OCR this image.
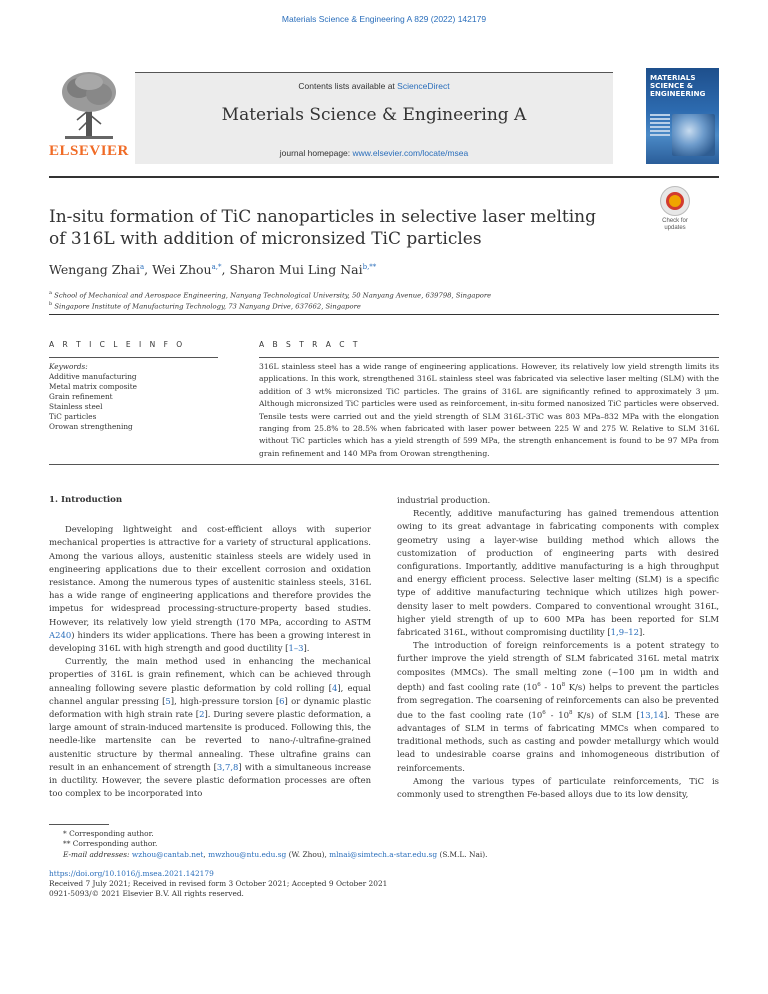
Materials Science & Engineering A 829 (2022) 142179
ELSEVIER
Contents lists available at ScienceDirect
Materials Science & Engineering A
journal homepage: www.elsevier.com/locate/msea
MATERIALS SCIENCE & ENGINEERING
In-situ formation of TiC nanoparticles in selective laser melting of 316L with addition of micronsized TiC particles
Check for
updates
Wengang Zhai$^a$, Wei Zhou$^{a,*}$, Sharon Mui Ling Nai$^{b,**}$
$^a$ School of Mechanical and Aerospace Engineering, Nanyang Technological University, 50 Nanyang Avenue, 639798, Singapore
$^b$ Singapore Institute of Manufacturing Technology, 73 Nanyang Drive, 637662, Singapore
A R T I C L E I N F O	A B S T R A C T
Keywords:
Additive manufacturing
Metal matrix composite
Grain refinement
Stainless steel
TiC particles
Orowan strengthening
316L stainless steel has a wide range of engineering applications. However, its relatively low yield strength limits its applications. In this work, strengthened 316L stainless steel was fabricated via selective laser melting (SLM) with the addition of 3 wt% micronsized TiC particles. The grains of 316L are significantly refined to approximately 3 μm. Although micronsized TiC particles were used as reinforcement, in-situ formed nanosized TiC particles were observed. Tensile tests were carried out and the yield strength of SLM 316L-3TiC was 803 MPa–832 MPa with the elongation ranging from 25.8% to 28.5% when fabricated with laser power between 225 W and 275 W. Relative to SLM 316L without TiC particles which has a yield strength of 599 MPa, the strength enhancement is found to be 97 MPa from grain refinement and 140 MPa from Orowan strengthening.
1. Introduction

Developing lightweight and cost-efficient alloys with superior mechanical properties is attractive for a variety of structural applications. Among the various alloys, austenitic stainless steels are widely used in engineering applications due to their excellent corrosion and oxidation resistance. Among the numerous types of austenitic stainless steels, 316L has a wide range of engineering applications and therefore provides the impetus for widespread processing-structure-property based studies. However, its relatively low yield strength (170 MPa, according to ASTM A240) hinders its wider applications. There has been a growing interest in developing 316L with high strength and good ductility [1–3].

Currently, the main method used in enhancing the mechanical properties of 316L is grain refinement, which can be achieved through annealing following severe plastic deformation by cold rolling [4], equal channel angular pressing [5], high-pressure torsion [6] or dynamic plastic deformation with high strain rate [2]. During severe plastic deformation, a large amount of strain-induced martensite is produced. Following this, the needle-like martensite can be reverted to nano-/-ultrafine-grained austenitic structure by thermal annealing. These ultrafine grains can result in an enhancement of strength [3,7,8] with a simultaneous increase in ductility. However, the severe plastic deformation processes are often too complex to be incorporated into

industrial production.

Recently, additive manufacturing has gained tremendous attention owing to its great advantage in fabricating components with complex geometry using a layer-wise building method which allows the customization of production of engineering parts with desired configurations. Importantly, additive manufacturing is a high throughput and energy efficient process. Selective laser melting (SLM) is a specific type of additive manufacturing technique which utilizes high power-density laser to melt powders. Compared to conventional wrought 316L, higher yield strength of up to 600 MPa has been reported for SLM fabricated 316L, without compromising ductility [1,9–12].

The introduction of foreign reinforcements is a potent strategy to further improve the yield strength of SLM fabricated 316L metal matrix composites (MMCs). The small melting zone (~100 μm in width and depth) and fast cooling rate ($10^6 - 10^8$ K/s) helps to prevent the particles from segregation. The coarsening of reinforcements can also be prevented due to the fast cooling rate ($10^6 - 10^8$ K/s) of SLM [13,14]. These are advantages of SLM in terms of fabricating MMCs when compared to traditional methods, such as casting and powder metallurgy which would lead to undesirable coarse grains and inhomogeneous distribution of reinforcements.

Among the various types of particulate reinforcements, TiC is commonly used to strengthen Fe-based alloys due to its low density,

* Corresponding author.
** Corresponding author.
E-mail addresses: wzhou@cantab.net, mwzhou@ntu.edu.sg (W. Zhou), mlnai@simtech.a-star.edu.sg (S.M.L. Nai).
https://doi.org/10.1016/j.msea.2021.142179
Received 7 July 2021; Received in revised form 3 October 2021; Accepted 9 October 2021
0921-5093/© 2021 Elsevier B.V. All rights reserved.
